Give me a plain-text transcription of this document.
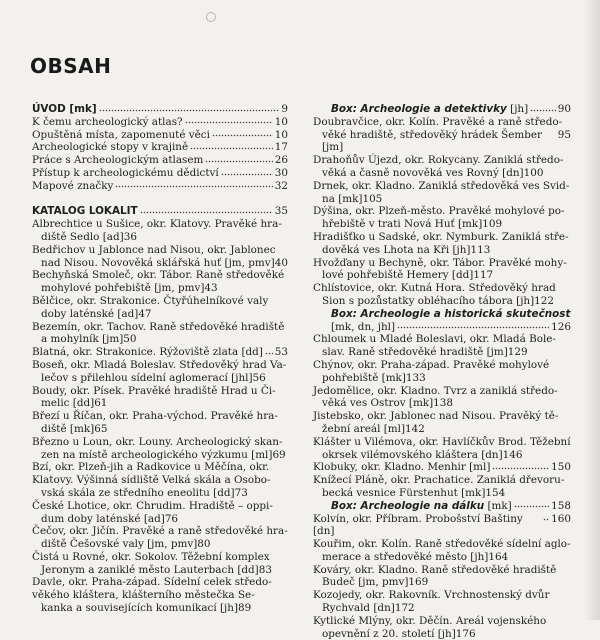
OBSAH
ÚVOD [mk]	9
K čemu archeologický atlas?	10
Opuštěná místa, zapomenuté věci	10
Archeologické stopy v krajině	17
Práce s Archeologickým atlasem	26
Přístup k archeologickému dědictví	30
Mapové značky	32
KATALOG LOKALIT	35
Albrechtice u Sušice, okr. Klatovy. Pravěké hra-
diště Sedlo [ad] 36
Bedřichov u Jablonce nad Nisou, okr. Jablonec
nad Nisou. Novověká sklářská huť [jm, pmv] 40
Bechyňská Smoleč, okr. Tábor. Raně středověké
mohylové pohřebiště [jm, pmv] 43
Bělčice, okr. Strakonice. Čtyřúhelníkové valy
doby laténské [ad] 47
Bezemín, okr. Tachov. Raně středověké hradiště
a mohylník [jm] 50
Blatná, okr. Strakonice. Rýžoviště zlata [dd] 53
Boseň, okr. Mladá Boleslav. Středověký hrad Va-
lečov s přilehlou sídelní aglomerací [jhl] 56
Boudy, okr. Písek. Pravěké hradiště Hrad u Či-
melic [dd] 61
Březí u Říčan, okr. Praha-východ. Pravěké hra-
diště [mk] 65
Březno u Loun, okr. Louny. Archeologický skan-
zen na místě archeologického výzkumu [ml] 69
Bzí, okr. Plzeň-jih a Radkovice u Měčína, okr.
Klatovy. Výšinná sídliště Velká skála a Osobo-
vská skála ze středního eneolitu [dd] 73
České Lhotice, okr. Chrudim. Hradiště – oppi-
dum doby laténské [ad] 76
Čečov, okr. Jičín. Pravěké a raně středověké hra-
diště Češovské valy [jm, pmv] 80
Čistá u Rovné, okr. Sokolov. Těžební komplex
Jeronym a zaniklé město Lauterbach [dd] 83
Davle, okr. Praha-západ. Sídelní celek středo-
věkého kláštera, klášterního městečka Se-
kanka a souvisejících komunikací [jh] 89
Box: Archeologie a detektivky [jh]	90
Doubravčice, okr. Kolín. Pravěké a raně středo-
věké hradiště, středověký hrádek Šember [jm]
95
Drahoňův Újezd, okr. Rokycany. Zaniklá středo-
věká a časně novověká ves Rovný [dn] 100
Drnek, okr. Kladno. Zaniklá středověká ves Svid-
na [mk] 105
Dýšina, okr. Plzeň-město. Pravěké mohylové po-
hřebiště v trati Nová Huť [mk] 109
Hradišťko u Sadské, okr. Nymburk. Zaniklá stře-
dověká ves Lhota na Kři [jh] 113
Hvožďany u Bechyně, okr. Tábor. Pravěké mohy-
lové pohřebiště Hemery [dd] 117
Chlístovice, okr. Kutná Hora. Středověký hrad
Sion s pozůstatky obléhacího tábora [jh] 122
Box: Archeologie a historická skutečnost
[mk, dn, jhl]	126
Chloumek u Mladé Boleslavi, okr. Mladá Bole-
slav. Raně středověké hradiště [jm] 129
Chýnov, okr. Praha-západ. Pravěké mohylové
pohřebiště [mk] 133
Jedomělice, okr. Kladno. Tvrz a zaniklá středo-
věká ves Ostrov [mk] 138
Jistebsko, okr. Jablonec nad Nisou. Pravěký tě-
žební areál [ml] 142
Klášter u Vilémova, okr. Havlíčkův Brod. Těžební
okrsek vilémovského kláštera [dn] 146
Klobuky, okr. Kladno. Menhir [ml]	150
Knížecí Pláně, okr. Prachatice. Zaniklá dřevoru-
becká vesnice Fürstenhut [mk] 154
Box: Archeologie na dálku [mk]	158
Kolvín, okr. Příbram. Probošství Baštiny [dn]
160
Kouřim, okr. Kolín. Raně středověké sídelní aglo-
merace a středověké město [jh] 164
Kováry, okr. Kladno. Raně středověké hradiště
Budeč [jm, pmv] 169
Kozojedy, okr. Rakovník. Vrchnostenský dvůr
Rychvald [dn] 172
Kytlické Mlýny, okr. Děčín. Areál vojenského
opevnění z 20. století [jh] 176
